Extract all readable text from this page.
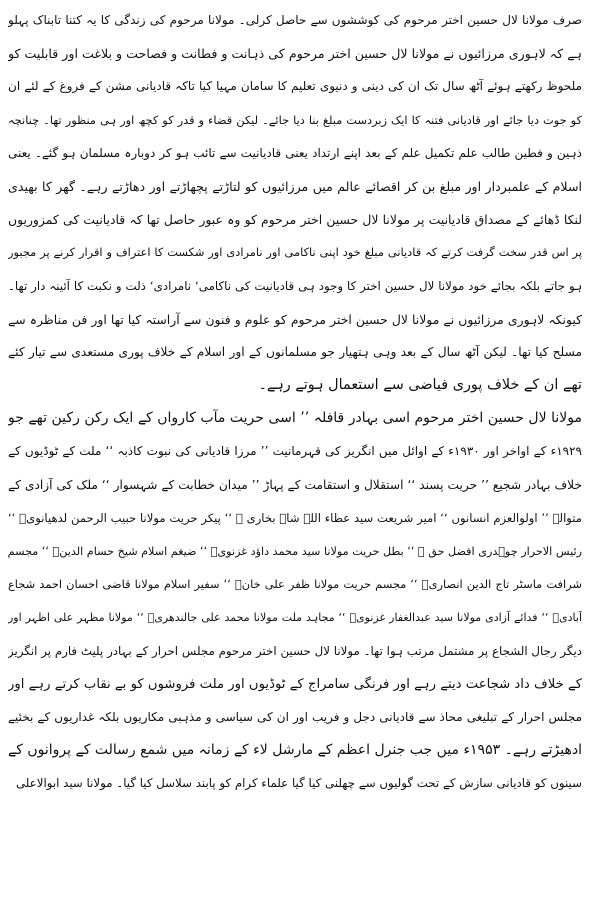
صرف مولانا لال حسین اختر مرحوم کی کوششوں سے حاصل کرلی۔ مولانا مرحوم کی زندگی کا یہ کتنا تابناک پہلو
ہے کہ لاہوری مرزائیوں نے مولانا لال حسین اختر مرحوم کی ذہانت و فطانت و فصاحت و بلاغت اور قابلیت کو
ملحوظ رکھتے ہوئے آٹھ سال تک ان کی دینی و دنیوی تعلیم کا سامان مہیا کیا تاکہ قادیانی مشن کے فروغ کے لئے ان
کو جوت دیا جائے اور قادیانی فتنہ کا ایک زبردست مبلغ بنا دیا جائے۔ لیکن قضاء و قدر کو کچھ اور ہی منظور تھا۔ چنانچہ
ذہین و فطین طالب علم تکمیل علم کے بعد اپنے ارتداد یعنی قادیانیت سے تائب ہو کر دوبارہ مسلمان ہو گئے۔ یعنی
اسلام کے علمبردار اور مبلغ بن کر اقصائے عالم میں مرزائیوں کو لتاڑتے پچھاڑتے اور دھاڑتے رہے۔ گھر کا بھیدی
لنکا ڈھائے کے مصداق قادیانیت پر مولانا لال حسین اختر مرحوم کو وہ عبور حاصل تھا کہ قادیانیت کی کمزوریوں
پر اس قدر سخت گرفت کرتے کہ قادیانی مبلغ خود اپنی ناکامی اور نامرادی اور شکست کا اعتراف و اقرار کرنے پر مجبور
ہو جاتے بلکہ بجائے خود مولانا لال حسین اختر کا وجود ہی قادیانیت کی ناکامی‘ نامرادی‘ ذلت و نکبت کا آئینہ دار تھا۔
کیونکہ لاہوری مرزائیوں نے مولانا لال حسین اختر مرحوم کو علوم و فنون سے آراستہ کیا تھا اور فن مناظرہ سے
مسلح کیا تھا۔ لیکن آٹھ سال کے بعد وہی ہتھیار جو مسلمانوں کے اور اسلام کے خلاف پوری مستعدی سے تیار کئے
تھے ان کے خلاف پوری فیاضی سے استعمال ہوتے رہے۔
مولانا لال حسین اختر مرحوم اسی بہادر قافلہ ’’ اسی حریت مآب کارواں کے ایک رکن رکین تھے جو
۱۹۲۹ء کے اواخر اور ۱۹۳۰ء کے اوائل میں انگریز کی قہرمانیت ’’ مرزا قادیانی کی نبوت کاذبہ ‘‘ ملت کے ٹوڈیوں کے
خلاف بہادر شجیع ’’ حریت پسند ‘‘ استقلال و استقامت کے پہاڑ ’’ میدان خطابت کے شہسوار ‘‘ ملک کی آزادی کے
متوالے ’’ اولوالعزم انسانوں ‘‘ امیر شریعت سید عطاء اللہ شاہ بخاری ؒ ‘‘ پیکر حریت مولانا حبیب الرحمن لدھیانویؒ ‘‘
رئیس الاحرار چوہدری افضل حق ؒ ‘‘ بطل حریت مولانا سید محمد داؤد غزنویؒ ‘‘ ضیغم اسلام شیخ حسام الدینؒ ‘‘ مجسم
شرافت ماسٹر تاج الدین انصاریؒ ‘‘ مجسم حریت مولانا ظفر علی خانؒ ‘‘ سفیر اسلام مولانا قاضی احسان احمد شجاع
آبادیؒ ‘‘ فدائے آزادی مولانا سید عبدالغفار غزنویؒ ‘‘ مجاہد ملت مولانا محمد علی جالندھریؒ ‘‘ مولانا مظہر علی اظہر اور
دیگر رجال الشجاع پر مشتمل مرتب ہوا تھا۔ مولانا لال حسین اختر مرحوم مجلس احرار کے بہادر پلیٹ فارم پر انگریز
کے خلاف داد شجاعت دیتے رہے اور فرنگی سامراج کے ٹوڈیوں اور ملت فروشوں کو بے نقاب کرتے رہے اور
مجلس احرار کے تبلیغی محاذ سے قادیانی دجل و فریب اور ان کی سیاسی و مذہبی مکاریوں بلکہ غداریوں کے بخئیے
ادھیڑتے رہے۔ ۱۹۵۳ء میں جب جنرل اعظم کے مارشل لاء کے زمانہ میں شمع رسالت کے پروانوں کے
سینوں کو قادیانی سازش کے تحت گولیوں سے چھلنی کیا گیا علماء کرام کو پابند سلاسل کیا گیا۔ مولانا سید ابوالاعلی
